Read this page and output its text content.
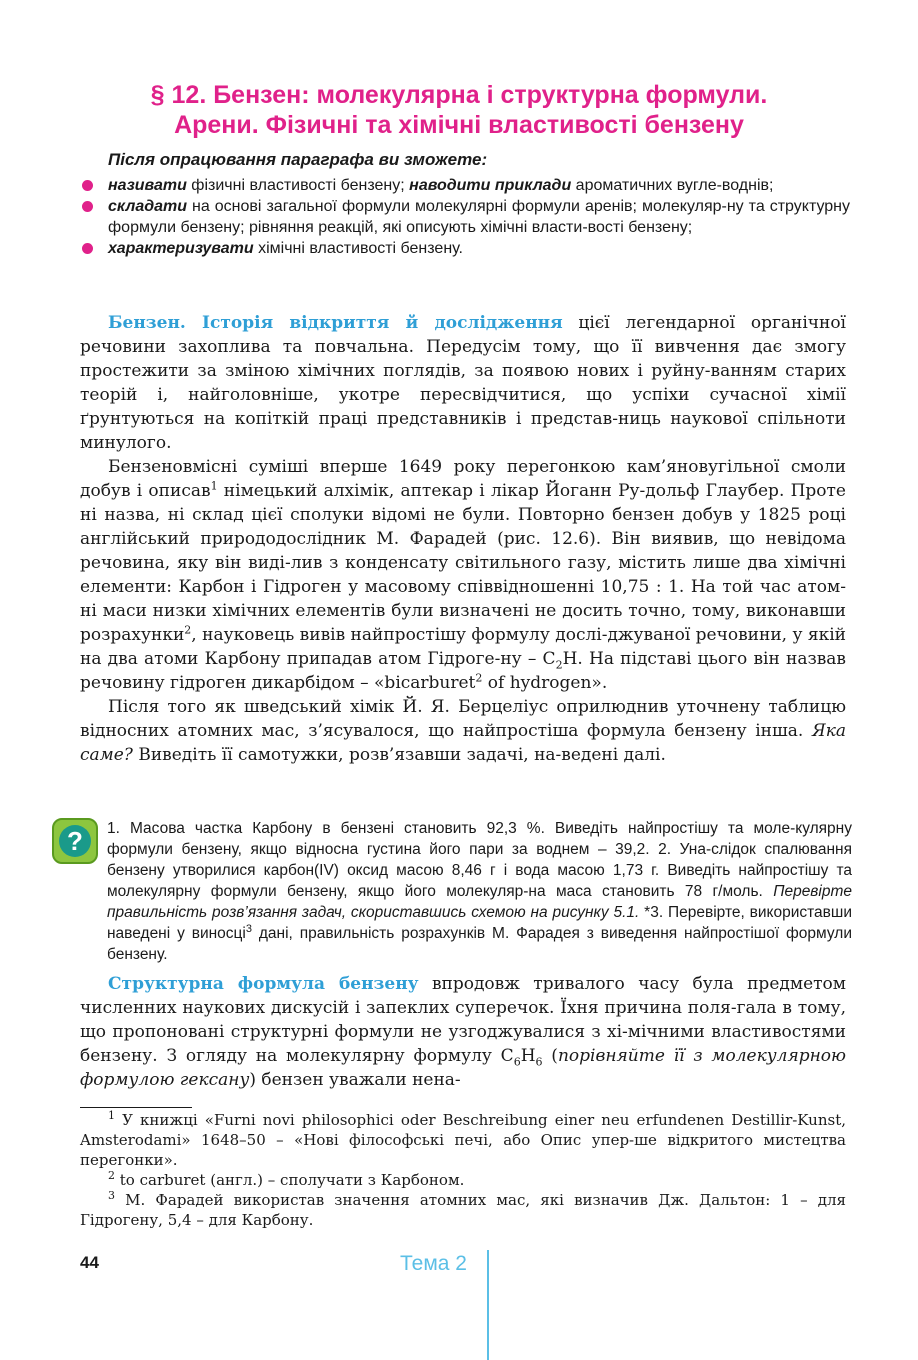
§ 12. Бензен: молекулярна і структурна формули.
Арени. Фізичні та хімічні властивості бензену
Після опрацювання параграфа ви зможете:
називати фізичні властивості бензену; наводити приклади ароматичних вугле-воднів;
складати на основі загальної формули молекулярні формули аренів; молекуляр-ну та структурну формули бензену; рівняння реакцій, які описують хімічні власти-вості бензену;
характеризувати хімічні властивості бензену.

Бензен. Історія відкриття й дослідження цієї легендарної органічної речовини захоплива та повчальна. Передусім тому, що її вивчення дає змогу простежити за зміною хімічних поглядів, за появою нових і руйну-ванням старих теорій і, найголовніше, укотре пересвідчитися, що успіхи сучасної хімії ґрунтуються на копіткій праці представників і представ-ниць наукової спільноти минулого.

Бензеновмісні суміші вперше 1649 року перегонкою кам’яновугільної смоли добув і описав$^1$ німецький алхімік, аптекар і лікар Йоганн Ру-дольф Глаубер. Проте ні назва, ні склад цієї сполуки відомі не були. Повторно бензен добув у 1825 році англійський природодослідник М. Фарадей (рис. 12.6). Він виявив, що невідома речовина, яку він виді-лив з конденсату світильного газу, містить лише два хімічні елементи: Карбон і Гідроген у масовому співвідношенні 10,75 : 1. На той час атом-ні маси низки хімічних елементів були визначені не досить точно, тому, виконавши розрахунки$^2$, науковець вивів найпростішу формулу дослі-джуваної речовини, у якій на два атоми Карбону припадав атом Гідроге-ну – $C_2H$. На підставі цього він назвав речовину гідроген дикарбідом – «bicarburet$^2$ of hydrogen».

Після того як шведський хімік Й. Я. Берцеліус оприлюднив уточнену таблицю відносних атомних мас, з’ясувалося, що найпростіша формула бензену інша. Яка саме? Виведіть її самотужки, розв’язавши задачі, на-ведені далі.

?	1. Масова частка Карбону в бензені становить 92,3 %. Виведіть найпростішу та моле-кулярну формули бензену, якщо відносна густина його пари за воднем – 39,2. 2. Уна-слідок спалювання бензену утворилися карбон(IV) оксид масою 8,46 г і вода масою 1,73 г. Виведіть найпростішу та молекулярну формули бензену, якщо його молекуляр-на маса становить 78 г/моль. Перевірте правильність розв’язання задач, скориставшись схемою на рисунку 5.1. *3. Перевірте, використавши наведені у виносці$^3$ дані, правильність розрахунків М. Фарадея з виведення найпростішої формули бензену.

Структурна формула бензену впродовж тривалого часу була предметом численних наукових дискусій і запеклих суперечок. Їхня причина поля-гала в тому, що пропоновані структурні формули не узгоджувалися з хі-мічними властивостями бензену. З огляду на молекулярну формулу $C_6H_6$ (порівняйте її з молекулярною формулою гексану) бензен уважали нена-

$^1$ У книжці «Furni novi philosophici oder Beschreibung einer neu erfundenen Destillir-Kunst, Amsterodami» 1648–50 – «Нові філософські печі, або Опис упер-ше відкритого мистецтва перегонки».

$^2$ to carburet (англ.) – сполучати з Карбоном.

$^3$ М. Фарадей використав значення атомних мас, які визначив Дж. Дальтон: 1 – для Гідрогену, 5,4 – для Карбону.

44	Тема 2
